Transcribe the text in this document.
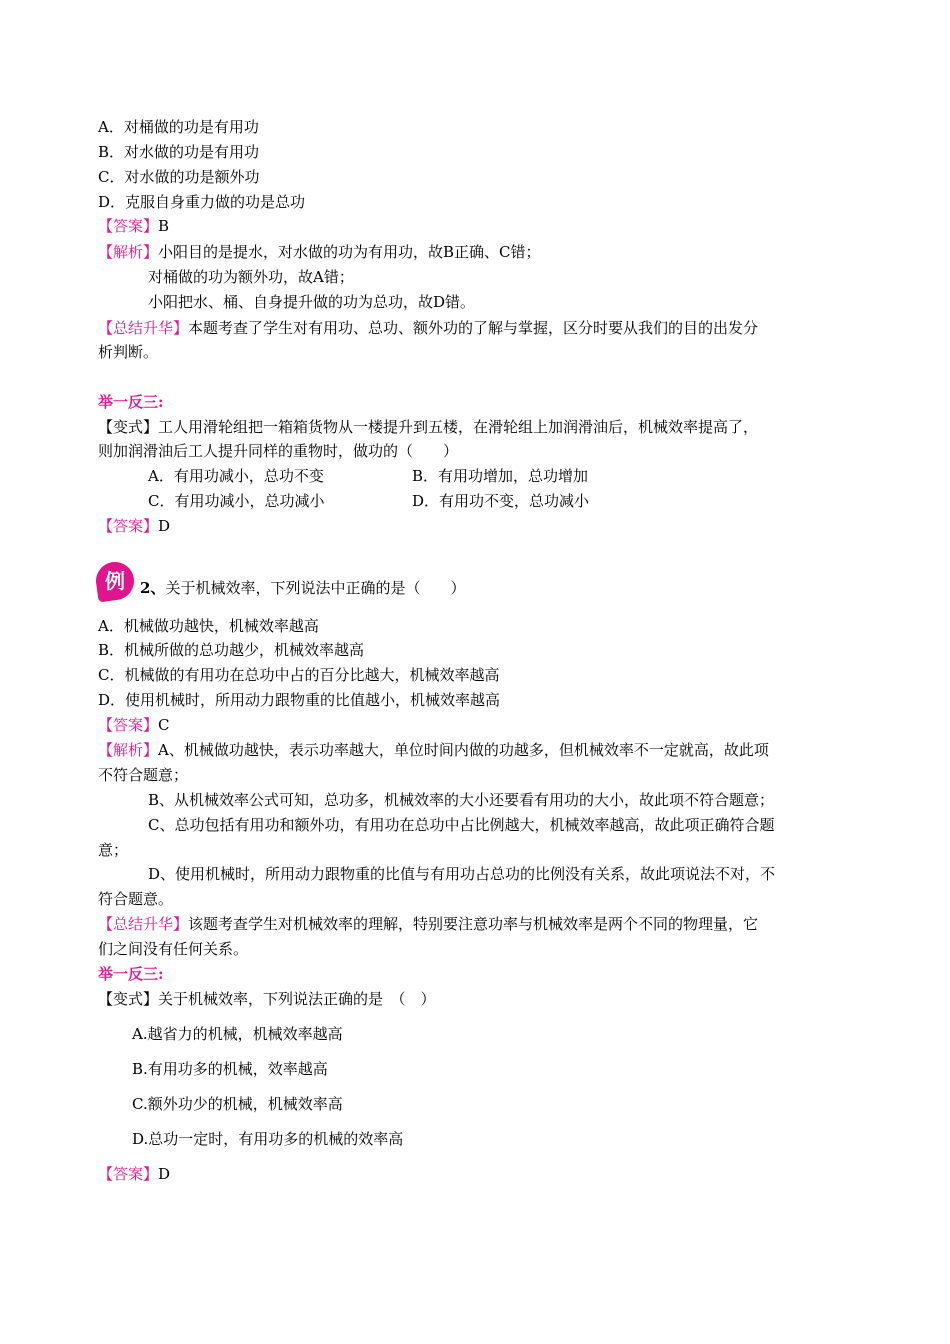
A．对桶做的功是有用功
B．对水做的功是有用功
C．对水做的功是额外功
D．克服自身重力做的功是总功
【答案】B
【解析】小阳目的是提水，对水做的功为有用功，故B正确、C错；
对桶做的功为额外功，故A错；
小阳把水、桶、自身提升做的功为总功，故D错。
【总结升华】本题考查了学生对有用功、总功、额外功的了解与掌握，区分时要从我们的目的出发分
析判断。
举一反三:
【变式】工人用滑轮组把一箱箱货物从一楼提升到五楼，在滑轮组上加润滑油后，机械效率提高了，
则加润滑油后工人提升同样的重物时，做功的（　　）
A．有用功减小，总功不变	B．有用功增加，总功增加
C．有用功减小，总功减小	D．有用功不变，总功减小
【答案】D
例	2、关于机械效率，下列说法中正确的是（　　）
A．机械做功越快，机械效率越高
B．机械所做的总功越少，机械效率越高
C．机械做的有用功在总功中占的百分比越大，机械效率越高
D．使用机械时，所用动力跟物重的比值越小，机械效率越高
【答案】C
【解析】A、机械做功越快，表示功率越大，单位时间内做的功越多，但机械效率不一定就高，故此项
不符合题意；
B、从机械效率公式可知，总功多，机械效率的大小还要看有用功的大小，故此项不符合题意；
C、总功包括有用功和额外功，有用功在总功中占比例越大，机械效率越高，故此项正确符合题
意；
D、使用机械时，所用动力跟物重的比值与有用功占总功的比例没有关系，故此项说法不对，不
符合题意。
【总结升华】该题考查学生对机械效率的理解，特别要注意功率与机械效率是两个不同的物理量，它
们之间没有任何关系。
举一反三:
【变式】关于机械效率，下列说法正确的是　（　）
A.越省力的机械，机械效率越高
B.有用功多的机械，效率越高
C.额外功少的机械，机械效率高
D.总功一定时，有用功多的机械的效率高
【答案】D
